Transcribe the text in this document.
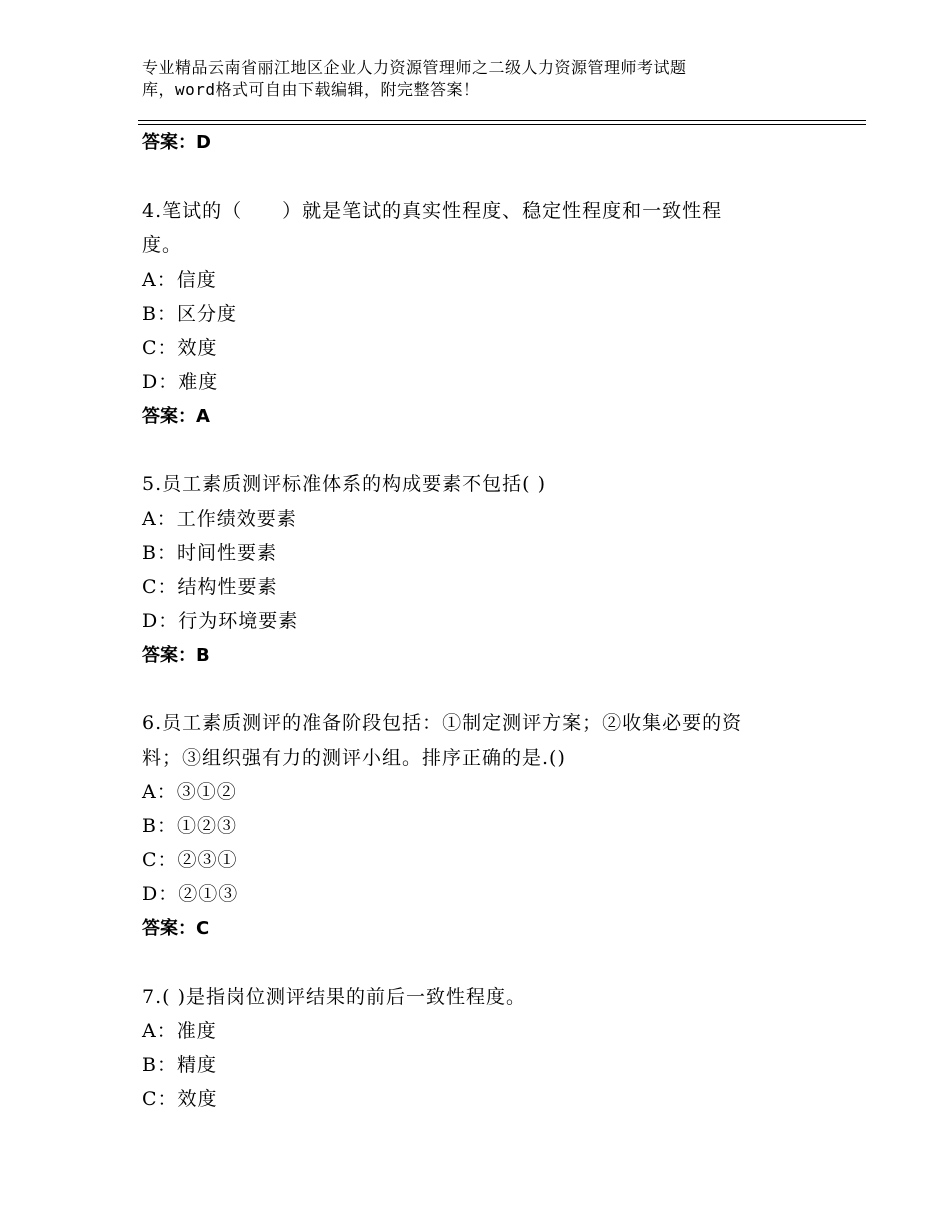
专业精品云南省丽江地区企业人力资源管理师之二级人力资源管理师考试题
库，word格式可自由下载编辑，附完整答案！
答案：D
4.笔试的（　　）就是笔试的真实性程度、稳定性程度和一致性程
度。
A：信度
B：区分度
C：效度
D：难度
答案：A
5.员工素质测评标准体系的构成要素不包括( )
A：工作绩效要素
B：时间性要素
C：结构性要素
D：行为环境要素
答案：B
6.员工素质测评的准备阶段包括：①制定测评方案；②收集必要的资
料；③组织强有力的测评小组。排序正确的是.()
A：③①②
B：①②③
C：②③①
D：②①③
答案：C
7.( )是指岗位测评结果的前后一致性程度。
A：准度
B：精度
C：效度
